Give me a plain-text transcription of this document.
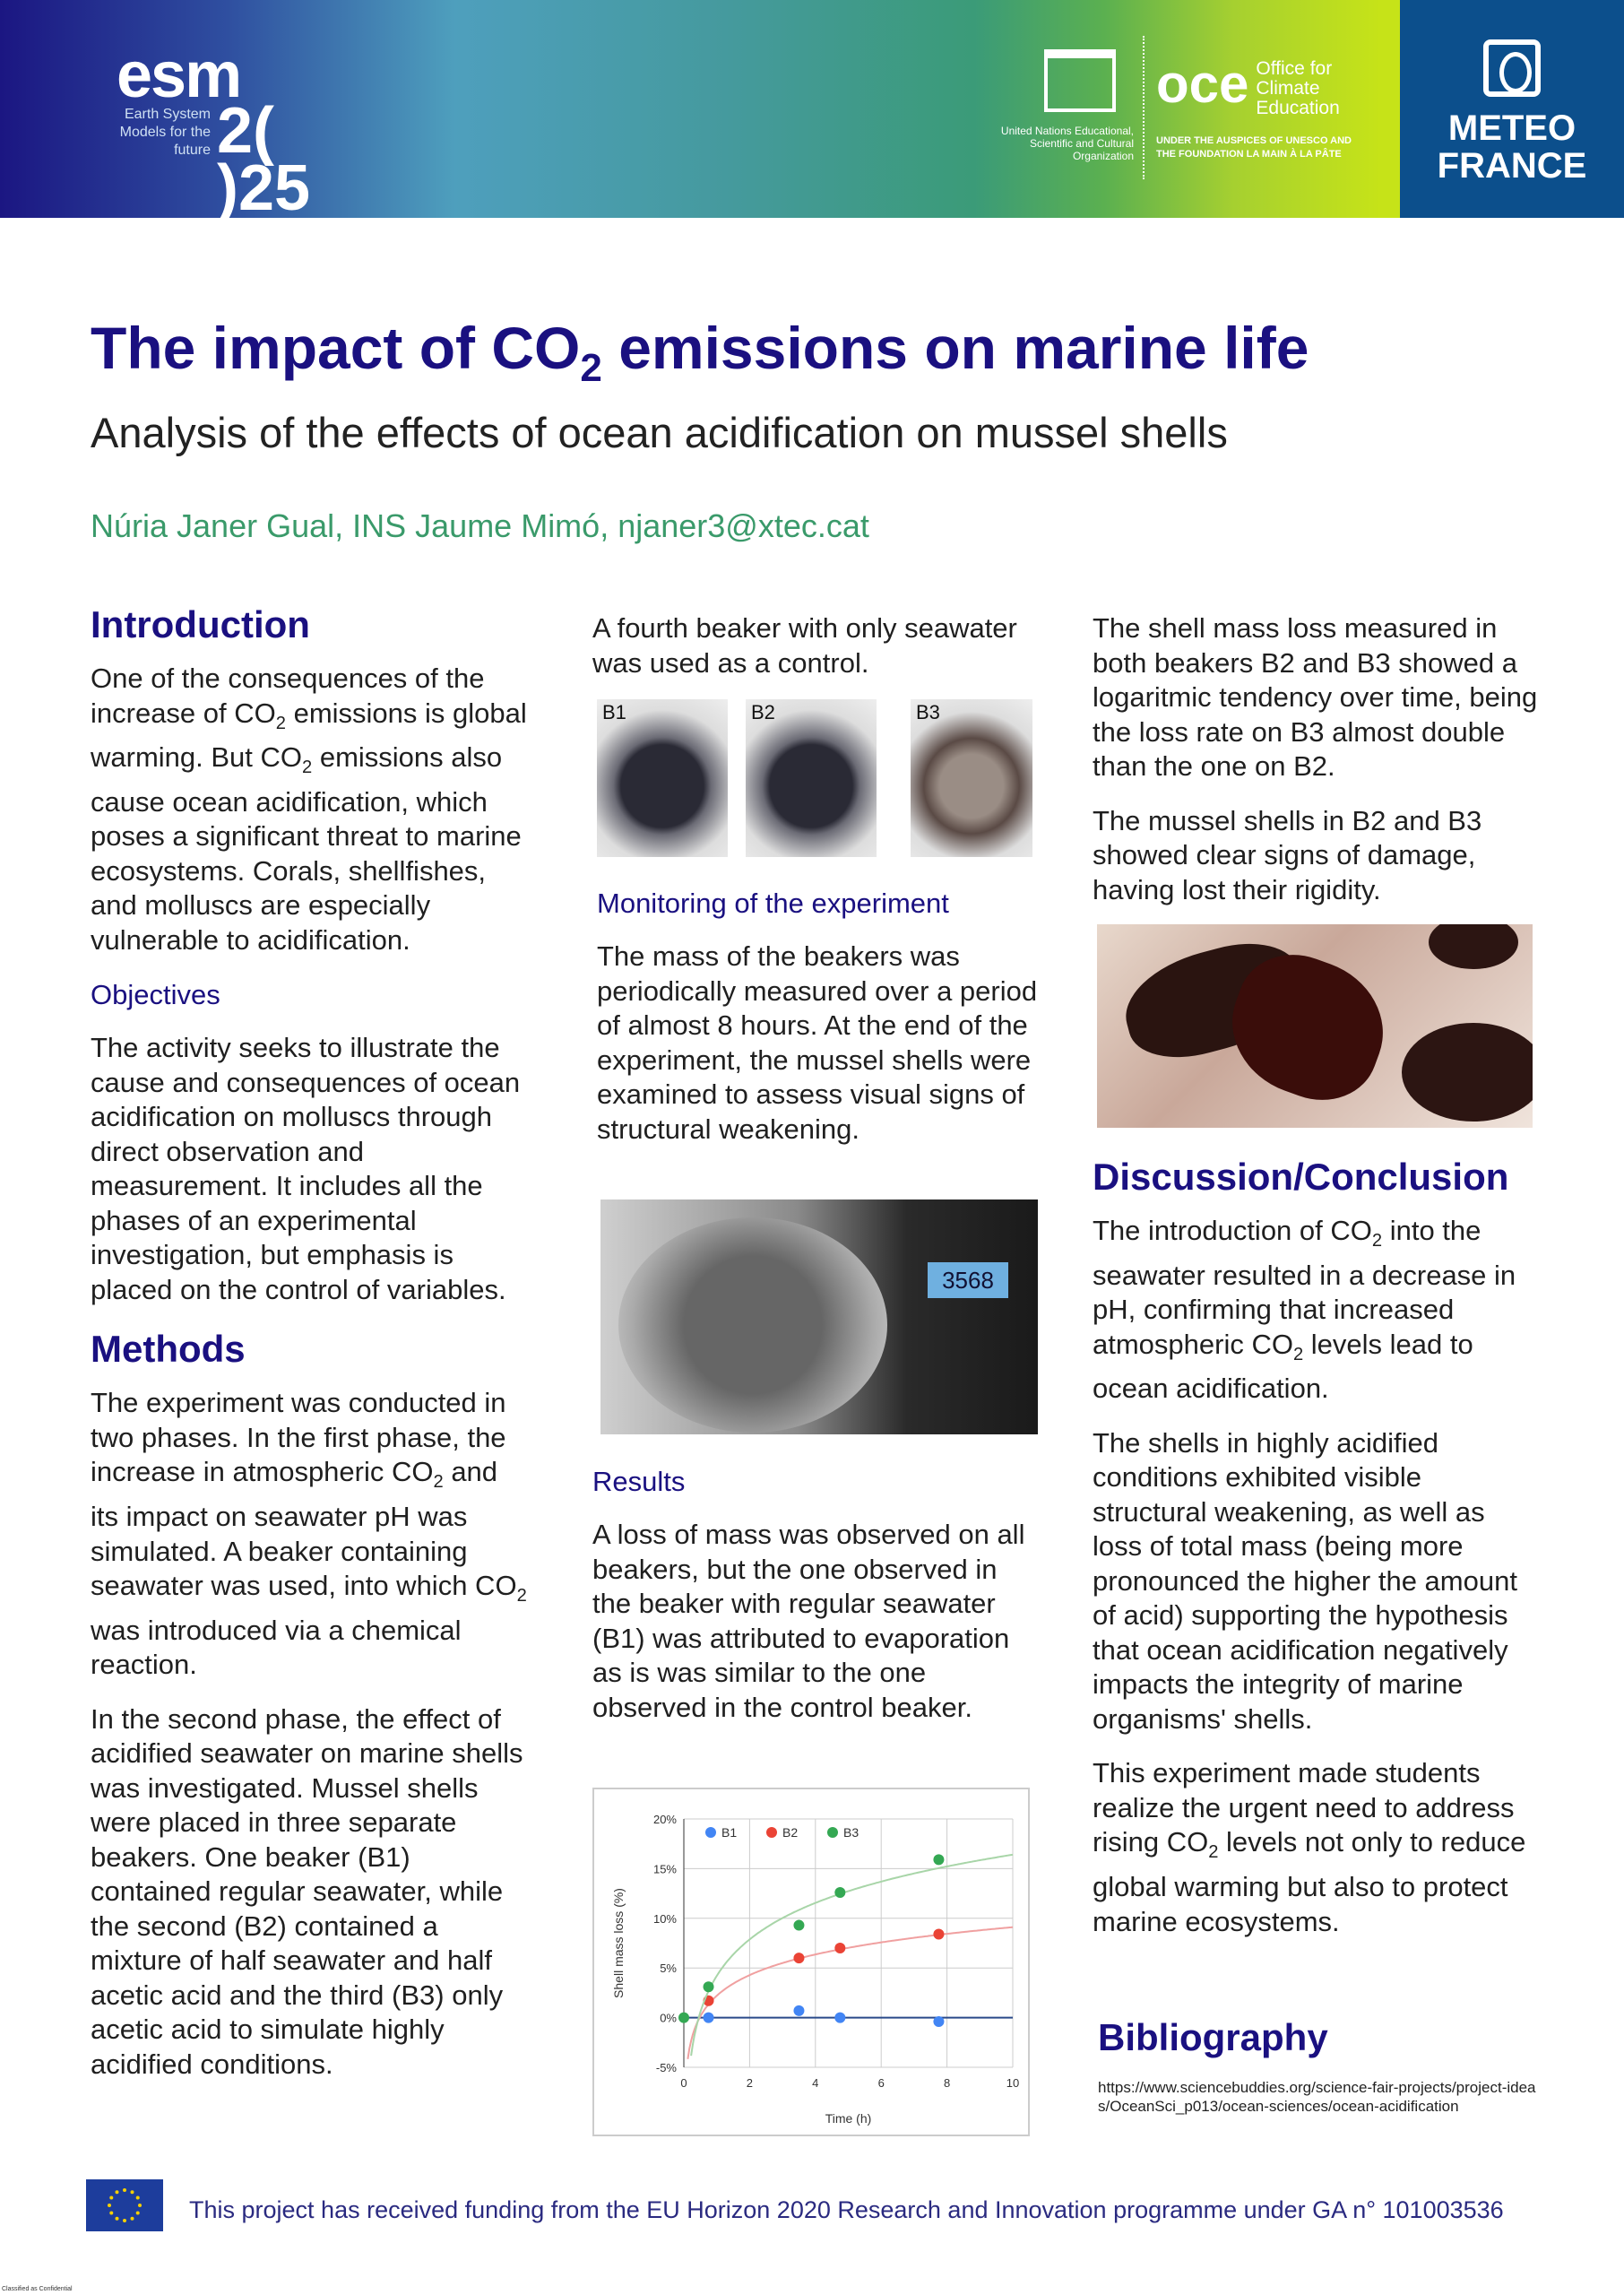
esm
Earth System Models for the future 2( )25
United Nations Educational, Scientific and Cultural Organization
oce Office for Climate Education
UNDER THE AUSPICES OF UNESCO AND THE FOUNDATION LA MAIN À LA PÂTE
METEO
FRANCE
The impact of $CO_2$ emissions on marine life
Analysis of the effects of ocean acidification on mussel shells
Núria Janer Gual, INS Jaume Mimó, njaner3@xtec.cat
Introduction

One of the consequences of the increase of $CO_2$ emissions is global warming. But $CO_2$ emissions also cause ocean acidification, which poses a significant threat to marine ecosystems. Corals, shellfishes, and molluscs are especially vulnerable to acidification.

Objectives

The activity seeks to illustrate the cause and consequences of ocean acidification on molluscs through direct observation and measurement. It includes all the phases of an experimental investigation, but emphasis is placed on the control of variables.

Methods

The experiment was conducted in two phases. In the first phase, the increase in atmospheric $CO_2$ and its impact on seawater pH was simulated. A beaker containing seawater was used, into which $CO_2$ was introduced via a chemical reaction.

In the second phase, the effect of acidified seawater on marine shells was investigated. Mussel shells were placed in three separate beakers. One beaker (B1) contained regular seawater, while the second (B2) contained a mixture of half seawater and half acetic acid and the third (B3) only acetic acid to simulate highly acidified conditions.

A fourth beaker with only seawater was used as a control.

B1	B2	B3
Monitoring of the experiment

The mass of the beakers was periodically measured over a period of almost 8 hours. At the end of the experiment, the mussel shells were examined to assess visual signs of structural weakening.

3568
Results

A loss of mass was observed on all beakers, but the one observed in the beaker with regular seawater (B1) was attributed to evaporation as is was similar to the one observed in the control beaker.

0	2	4	6	8	10
20%
15%
10%
5%
0%
-5%
B1	B2	B3
Time (h)
Shell mass loss (%)

The shell mass loss measured in both beakers B2 and B3 showed a logaritmic tendency over time, being the loss rate on B3 almost double than the one on B2.

The mussel shells in B2 and B3 showed clear signs of damage, having lost their rigidity.

Discussion/Conclusion

The introduction of $CO_2$ into the seawater resulted in a decrease in pH, confirming that increased atmospheric $CO_2$ levels lead to ocean acidification.

The shells in highly acidified conditions exhibited visible structural weakening, as well as loss of total mass (being more pronounced the higher the amount of acid) supporting the hypothesis that ocean acidification negatively impacts the integrity of marine organisms' shells.

This experiment made students realize the urgent need to address rising $CO_2$ levels not only to reduce global warming but also to protect marine ecosystems.

Bibliography
https://www.sciencebuddies.org/science-fair-projects/project-ideas/OceanSci_p013/ocean-sciences/ocean-acidification
This project has received funding from the EU Horizon 2020 Research and Innovation programme under GA n° 101003536
Classified as Confidential
